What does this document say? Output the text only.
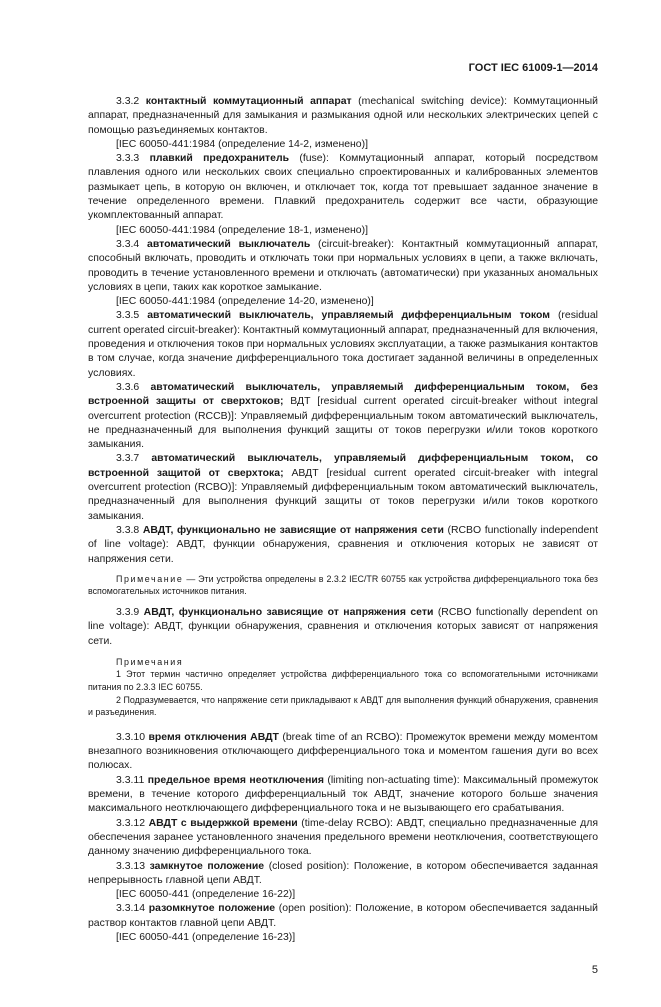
ГОСТ IEC 61009-1—2014

3.3.2 контактный коммутационный аппарат (mechanical switching device): Коммутационный аппарат, предназначенный для замыкания и размыкания одной или нескольких электрических цепей с помощью разъединяемых контактов.

[IEC 60050-441:1984 (определение 14-2, изменено)]

3.3.3 плавкий предохранитель (fuse): Коммутационный аппарат, который посредством плавления одного или нескольких своих специально спроектированных и калиброванных элементов размыкает цепь, в которую он включен, и отключает ток, когда тот превышает заданное значение в течение определенного времени. Плавкий предохранитель содержит все части, образующие укомплектованный аппарат.

[IEC 60050-441:1984 (определение 18-1, изменено)]

3.3.4 автоматический выключатель (circuit-breaker): Контактный коммутационный аппарат, способный включать, проводить и отключать токи при нормальных условиях в цепи, а также включать, проводить в течение установленного времени и отключать (автоматически) при указанных аномальных условиях в цепи, таких как короткое замыкание.

[IEC 60050-441:1984 (определение 14-20, изменено)]

3.3.5 автоматический выключатель, управляемый дифференциальным током (residual current operated circuit-breaker): Контактный коммутационный аппарат, предназначенный для включения, проведения и отключения токов при нормальных условиях эксплуатации, а также размыкания контактов в том случае, когда значение дифференциального тока достигает заданной величины в определенных условиях.

3.3.6 автоматический выключатель, управляемый дифференциальным током, без встроенной защиты от сверхтоков; ВДТ [residual current operated circuit-breaker without integral overcurrent protection (RCCB)]: Управляемый дифференциальным током автоматический выключатель, не предназначенный для выполнения функций защиты от токов перегрузки и/или токов короткого замыкания.

3.3.7 автоматический выключатель, управляемый дифференциальным током, со встроенной защитой от сверхтока; АВДТ [residual current operated circuit-breaker with integral overcurrent protection (RCBO)]: Управляемый дифференциальным током автоматический выключатель, предназначенный для выполнения функций защиты от токов перегрузки и/или токов короткого замыкания.

3.3.8 АВДТ, функционально не зависящие от напряжения сети (RCBO functionally independent of line voltage): АВДТ, функции обнаружения, сравнения и отключения которых не зависят от напряжения сети.

Примечание — Эти устройства определены в 2.3.2 IEC/TR 60755 как устройства дифференциального тока без вспомогательных источников питания.

3.3.9 АВДТ, функционально зависящие от напряжения сети (RCBO functionally dependent on line voltage): АВДТ, функции обнаружения, сравнения и отключения которых зависят от напряжения сети.

Примечания

1 Этот термин частично определяет устройства дифференциального тока со вспомогательными источниками питания по 2.3.3 IEC 60755.

2 Подразумевается, что напряжение сети прикладывают к АВДТ для выполнения функций обнаружения, сравнения и разъединения.

3.3.10 время отключения АВДТ (break time of an RCBO): Промежуток времени между моментом внезапного возникновения отключающего дифференциального тока и моментом гашения дуги во всех полюсах.

3.3.11 предельное время неотключения (limiting non-actuating time): Максимальный промежуток времени, в течение которого дифференциальный ток АВДТ, значение которого больше значения максимального неотключающего дифференциального тока и не вызывающего его срабатывания.

3.3.12 АВДТ с выдержкой времени (time-delay RCBO): АВДТ, специально предназначенные для обеспечения заранее установленного значения предельного времени неотключения, соответствующего данному значению дифференциального тока.

3.3.13 замкнутое положение (closed position): Положение, в котором обеспечивается заданная непрерывность главной цепи АВДТ.

[IEC 60050-441 (определение 16-22)]

3.3.14 разомкнутое положение (open position): Положение, в котором обеспечивается заданный раствор контактов главной цепи АВДТ.

[IEC 60050-441 (определение 16-23)]

5
